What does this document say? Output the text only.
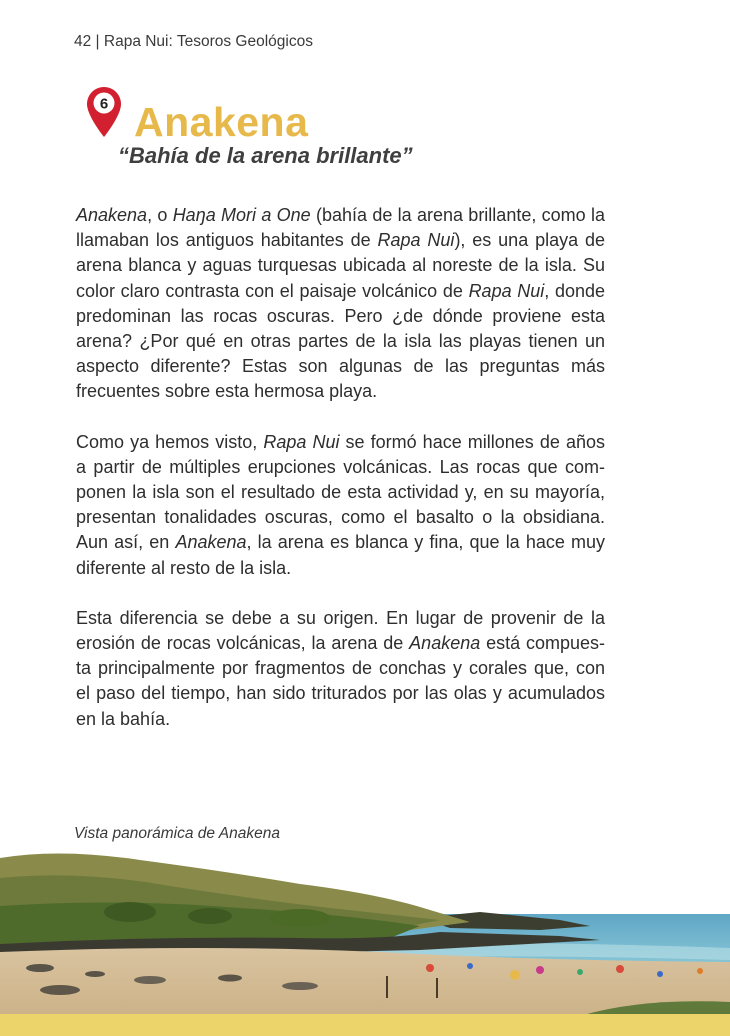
42 | Rapa Nui: Tesoros Geológicos
6 Anakena
“Bahía de la arena brillante”

Anakena, o Haŋa Mori a One (bahía de la arena brillante, como la llamaban los antiguos habitantes de Rapa Nui), es una playa de arena blanca y aguas turquesas ubicada al noreste de la isla. Su color claro contrasta con el paisaje volcánico de Rapa Nui, donde predominan las rocas oscuras. Pero ¿de dónde proviene esta arena? ¿Por qué en otras partes de la isla las playas tienen un aspecto diferente? Estas son algunas de las preguntas más frecuentes sobre esta hermosa playa.

Como ya hemos visto, Rapa Nui se formó hace millones de años a partir de múltiples erupciones volcánicas. Las rocas que componen la isla son el resultado de esta actividad y, en su mayoría, presentan tonalidades oscuras, como el basalto o la obsidiana. Aun así, en Anakena, la arena es blanca y fina, que la hace muy diferente al resto de la isla.

Esta diferencia se debe a su origen. En lugar de provenir de la erosión de rocas volcánicas, la arena de Anakena está compuesta principalmente por fragmentos de conchas y corales que, con el paso del tiempo, han sido triturados por las olas y acumulados en la bahía.

Vista panorámica de Anakena
